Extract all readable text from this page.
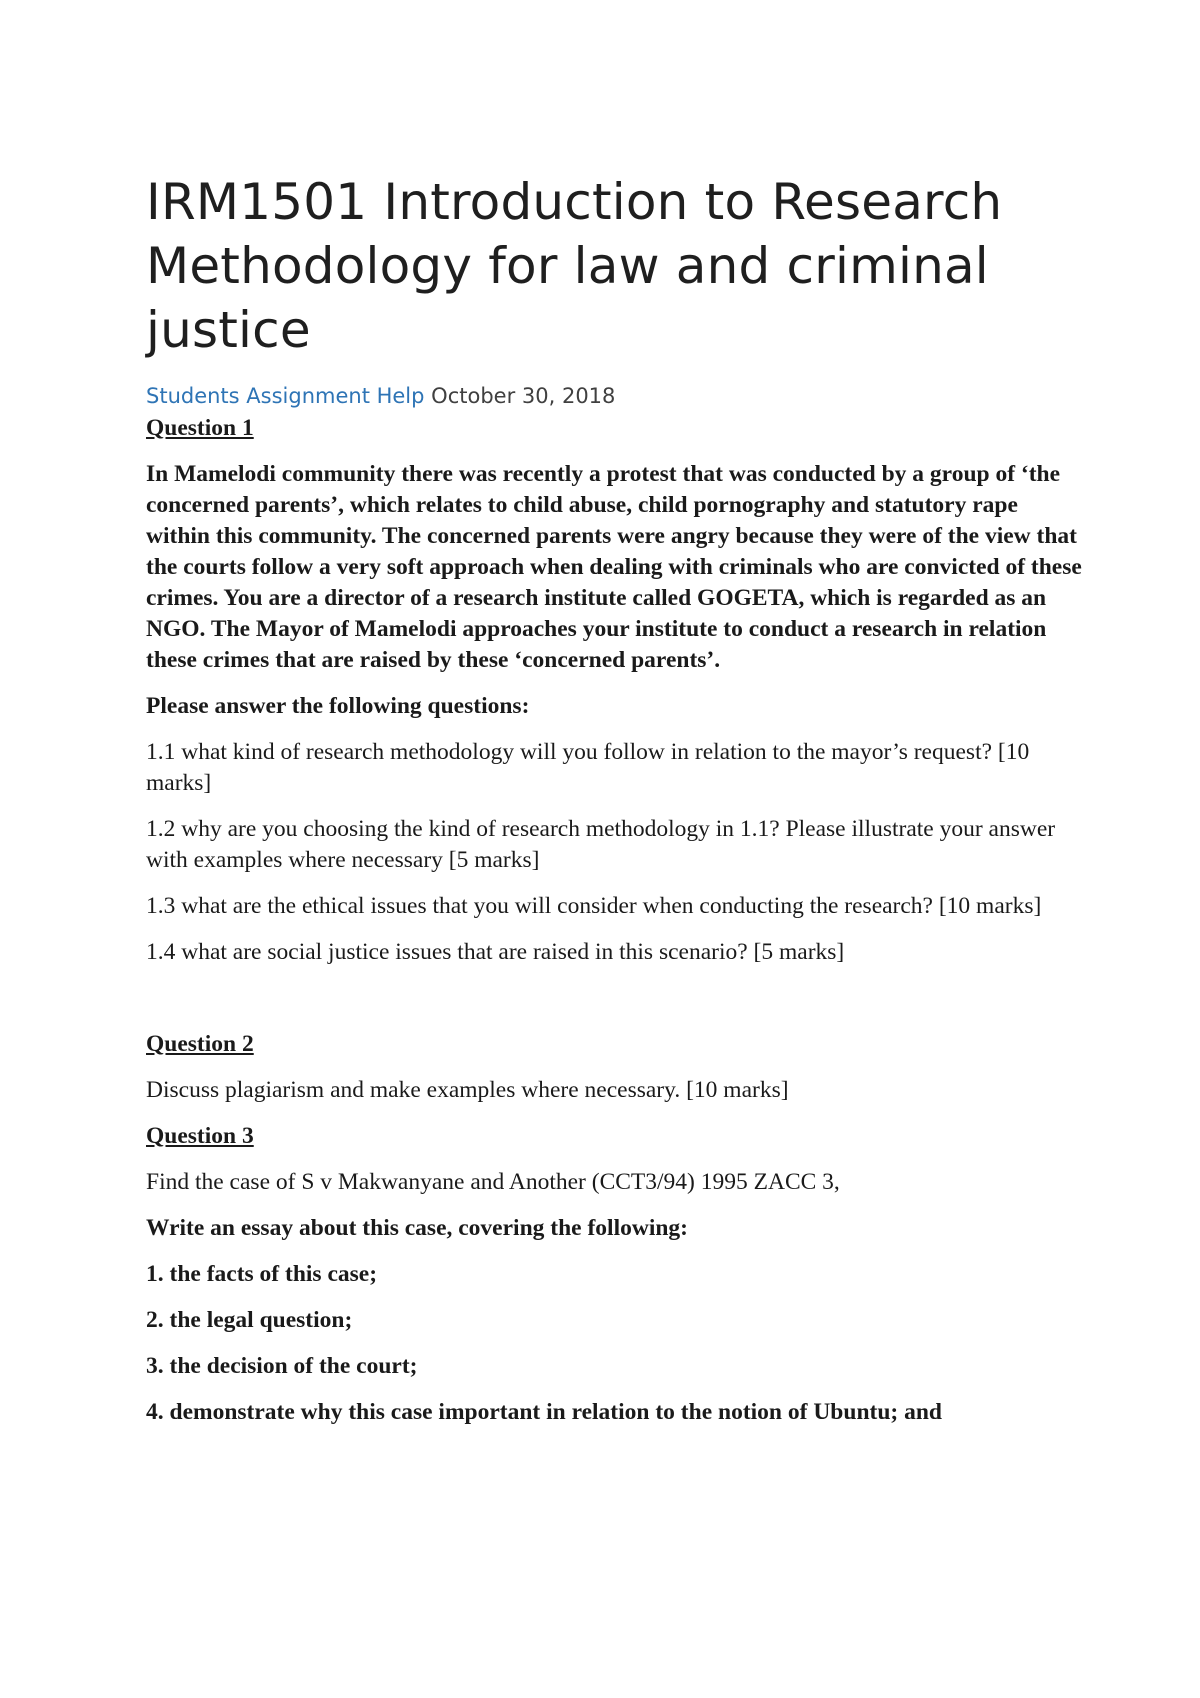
IRM1501 Introduction to Research Methodology for law and criminal justice
Students Assignment Help October 30, 2018

Question 1

In Mamelodi community there was recently a protest that was conducted by a group of ‘the concerned parents’, which relates to child abuse, child pornography and statutory rape within this community. The concerned parents were angry because they were of the view that the courts follow a very soft approach when dealing with criminals who are convicted of these crimes. You are a director of a research institute called GOGETA, which is regarded as an NGO. The Mayor of Mamelodi approaches your institute to conduct a research in relation these crimes that are raised by these ‘concerned parents’.

Please answer the following questions:

1.1 what kind of research methodology will you follow in relation to the mayor’s request? [10 marks]

1.2 why are you choosing the kind of research methodology in 1.1? Please illustrate your answer with examples where necessary [5 marks]

1.3 what are the ethical issues that you will consider when conducting the research? [10 marks]

1.4 what are social justice issues that are raised in this scenario? [5 marks]

Question 2

Discuss plagiarism and make examples where necessary. [10 marks]

Question 3

Find the case of S v Makwanyane and Another (CCT3/94) 1995 ZACC 3,

Write an essay about this case, covering the following:

1. the facts of this case;

2. the legal question;

3. the decision of the court;

4. demonstrate why this case important in relation to the notion of Ubuntu; and
